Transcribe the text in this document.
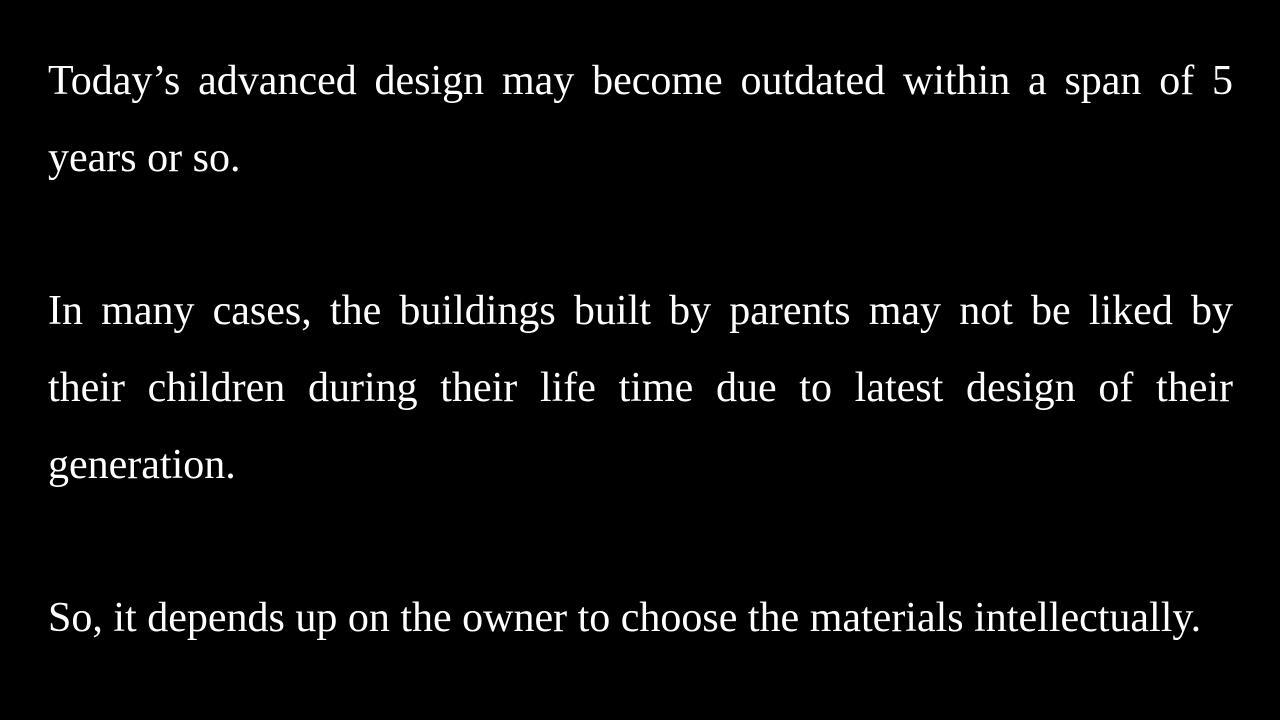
Today’s advanced design may become outdated within a span of 5
years or so.
In many cases, the buildings built by parents may not be liked by
their children during their life time due to latest design of their
generation.
So, it depends up on the owner to choose the materials intellectually.
